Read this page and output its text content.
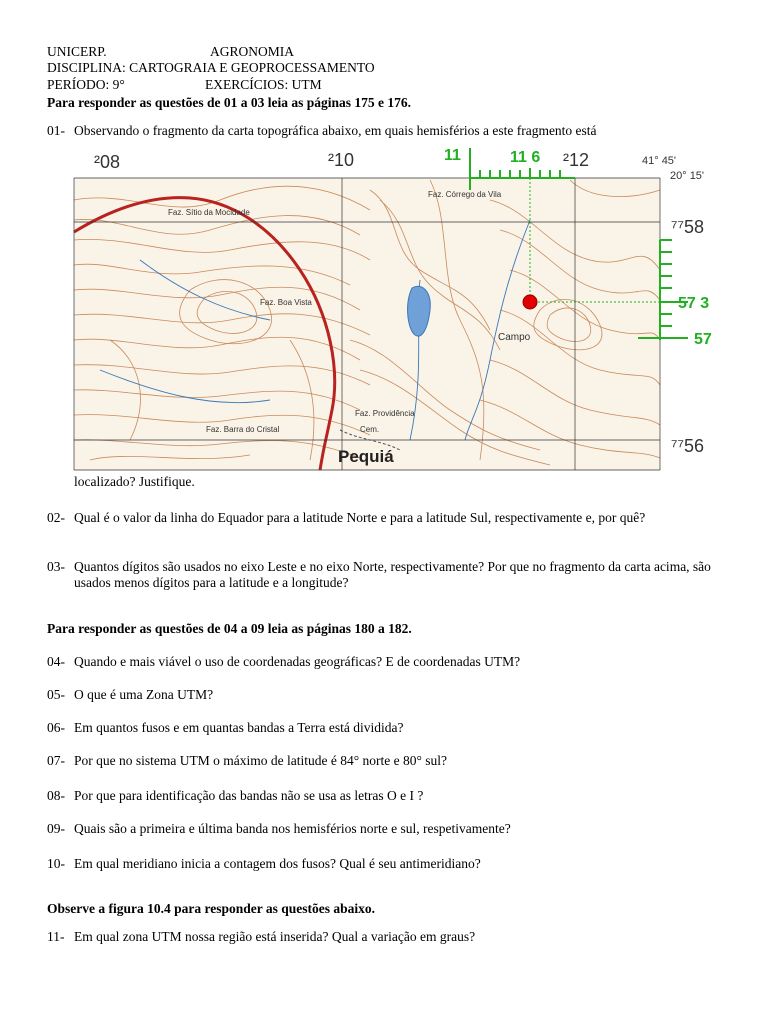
UNICERP.	AGRONOMIA
DISCIPLINA: CARTOGRAIA E GEOPROCESSAMENTO
PERÍODO: 9°	EXERCÍCIOS: UTM
Para responder as questões de 01 a 03 leia as páginas 175 e 176.
01- Observando o fragmento da carta topográfica abaixo, em quais hemisférios a este fragmento está
Faz. Sítio da Mocidade
Faz. Boa Vista
Faz. Córrego da Vila
Campo
Faz. Providência
Cem.
Faz. Barra do Cristal
Pequiá
²08	²10	²12
⁷⁷58
⁷⁷56
41° 45'
20° 15'
11	11 6
57 3
57
localizado? Justifique.
02- Qual é o valor da linha do Equador para a latitude Norte e para a latitude Sul, respectivamente e, por quê?
03- Quantos dígitos são usados no eixo Leste e no eixo Norte, respectivamente? Por que no fragmento da carta acima, são usados menos dígitos para a latitude e a longitude?
Para responder as questões de 04 a 09 leia as páginas 180 a 182.
04- Quando e mais viável o uso de coordenadas geográficas? E de coordenadas UTM?
05- O que é uma Zona UTM?
06- Em quantos fusos e em quantas bandas a Terra está dividida?
07- Por que no sistema UTM o máximo de latitude é 84° norte e 80° sul?
08- Por que para identificação das bandas não se usa as letras O e I ?
09- Quais são a primeira e última banda nos hemisférios norte e sul, respetivamente?
10- Em qual meridiano inicia a contagem dos fusos? Qual é seu antimeridiano?
Observe a figura 10.4 para responder as questões abaixo.
11- Em qual zona UTM nossa região está inserida? Qual a variação em graus?
